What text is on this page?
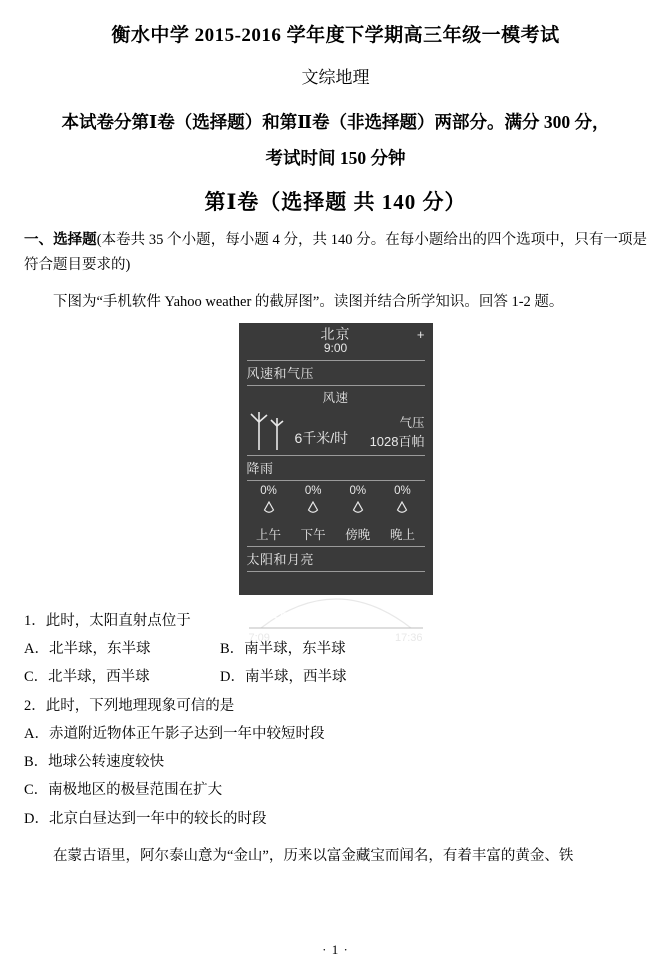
衡水中学 2015-2016 学年度下学期高三年级一模考试
文综地理
本试卷分第Ⅰ卷（选择题）和第Ⅱ卷（非选择题）两部分。满分 300 分，
考试时间 150 分钟
第Ⅰ卷（选择题 共 140 分）
一、选择题(本卷共 35 个小题，每小题 4 分，共 140 分。在每小题给出的四个选项中，只有一项是符合题目要求的)
下图为“手机软件 Yahoo weather 的截屏图”。读图并结合所学知识。回答 1-2 题。
北京
9:00
+
风速和气压
风速
6千米/时
气压
1028百帕
降雨
0%	0%	0%	0%
上午	下午	傍晚	晚上
太阳和月亮
7:09	17:36
1．此时，太阳直射点位于
A．北半球，东半球	B．南半球，东半球
C．北半球，西半球	D．南半球，西半球
2．此时，下列地理现象可信的是
A．赤道附近物体正午影子达到一年中较短时段
B．地球公转速度较快
C．南极地区的极昼范围在扩大
D．北京白昼达到一年中的较长的时段
在蒙古语里，阿尔泰山意为“金山”，历来以富金藏宝而闻名，有着丰富的黄金、铁
· 1 ·
